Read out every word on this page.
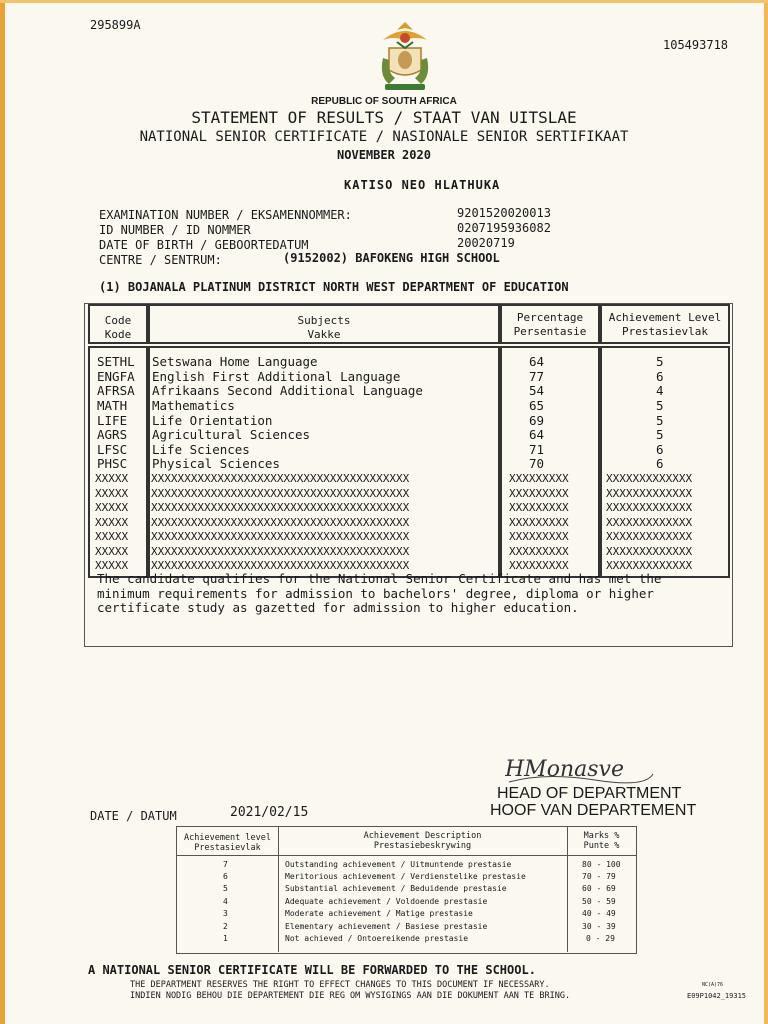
295899A
105493718
REPUBLIC OF SOUTH AFRICA
STATEMENT OF RESULTS / STAAT VAN UITSLAE
NATIONAL SENIOR CERTIFICATE / NASIONALE SENIOR SERTIFIKAAT
NOVEMBER 2020
KATISO NEO HLATHUKA
EXAMINATION NUMBER / EKSAMENNOMMER:	9201520020013
ID NUMBER / ID NOMMER	0207195936082
DATE OF BIRTH / GEBOORTEDATUM	20020719
CENTRE / SENTRUM:	(9152002) BAFOKENG HIGH SCHOOL
(1) BOJANALA PLATINUM DISTRICT NORTH WEST DEPARTMENT OF EDUCATION
Code
Kode
Subjects
Vakke
Percentage
Persentasie
Achievement Level
Prestasievlak
SETHL Setswana Home Language	64	5
ENGFA English First Additional Language	77	6
AFRSA Afrikaans Second Additional Language	54	4
MATH Mathematics	65	5
LIFE Life Orientation	69	5
AGRS Agricultural Sciences	64	5
LFSC Life Sciences	71	6
PHSC Physical Sciences	70	6
XXXXX XXXXXXXXXXXXXXXXXXXXXXXXXXXXXXXXXXXXXXX	XXXXXXXXX	XXXXXXXXXXXXX
XXXXX XXXXXXXXXXXXXXXXXXXXXXXXXXXXXXXXXXXXXXX	XXXXXXXXX	XXXXXXXXXXXXX
XXXXX XXXXXXXXXXXXXXXXXXXXXXXXXXXXXXXXXXXXXXX	XXXXXXXXX	XXXXXXXXXXXXX
XXXXX XXXXXXXXXXXXXXXXXXXXXXXXXXXXXXXXXXXXXXX	XXXXXXXXX	XXXXXXXXXXXXX
XXXXX XXXXXXXXXXXXXXXXXXXXXXXXXXXXXXXXXXXXXXX	XXXXXXXXX	XXXXXXXXXXXXX
XXXXX XXXXXXXXXXXXXXXXXXXXXXXXXXXXXXXXXXXXXXX	XXXXXXXXX	XXXXXXXXXXXXX
XXXXX XXXXXXXXXXXXXXXXXXXXXXXXXXXXXXXXXXXXXXX	XXXXXXXXX	XXXXXXXXXXXXX
The candidate qualifies for the National Senior Certificate and has met the minimum requirements for admission to bachelors' degree, diploma or higher certificate study as gazetted for admission to higher education.
HMonasve
HEAD OF DEPARTMENT
HOOF VAN DEPARTEMENT
DATE / DATUM	2021/02/15
Achievement level
Prestasievlak
Achievement Description
Prestasiebeskrywing
Marks %
Punte %
7	Outstanding achievement / Uitmuntende prestasie	80 - 100
6	Meritorious achievement / Verdienstelike prestasie	70 - 79
5	Substantial achievement / Beduidende prestasie	60 - 69
4	Adequate achievement / Voldoende prestasie	50 - 59
3	Moderate achievement / Matige prestasie	40 - 49
2	Elementary achievement / Basiese prestasie	30 - 39
1	Not achieved / Ontoereikende prestasie	0 - 29
A NATIONAL SENIOR CERTIFICATE WILL BE FORWARDED TO THE SCHOOL.
THE DEPARTMENT RESERVES THE RIGHT TO EFFECT CHANGES TO THIS DOCUMENT IF NECESSARY.
INDIEN NODIG BEHOU DIE DEPARTEMENT DIE REG OM WYSIGINGS AAN DIE DOKUMENT AAN TE BRING.
NC(A)76
E09P1042_19315
